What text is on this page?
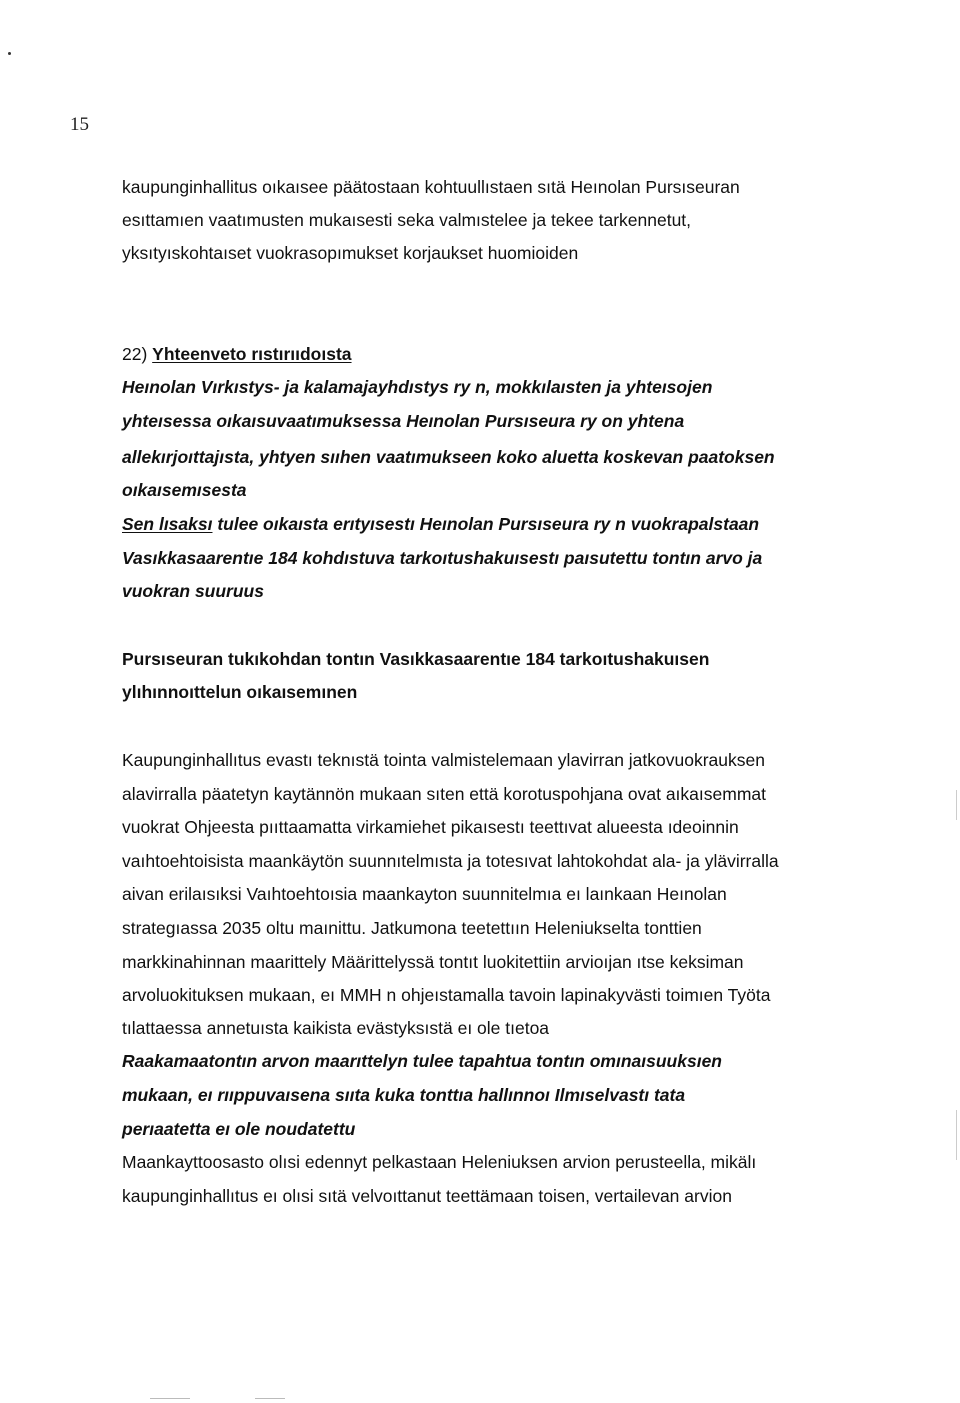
15
kaupunginhallitus oıkaısee päätostaan kohtuullıstaen sıtä Heınolan Pursıseuran
esıttamıen vaatımusten mukaısesti seka valmıstelee ja tekee tarkennetut,
yksıtyıskohtaıset vuokrasopımukset korjaukset huomioiden
22) Yhteenveto rıstırııdoısta
Heınolan Vırkıstys- ja kalamajayhdıstys ry n, mokkılaısten ja yhteısojen
yhteısessa oıkaısuvaatımuksessa Heınolan Pursıseura ry on yhtena
allekırjoıttajısta, yhtyen sııhen vaatımukseen koko aluetta koskevan paatoksen
oıkaısemısesta
Sen lısaksı tulee oıkaısta erıtyısestı Heınolan Pursıseura ry n vuokrapalstaan
Vasıkkasaarentıe 184 kohdıstuva tarkoıtushakuısestı paısutettu tontın arvo ja
vuokran suuruus
Pursıseuran tukıkohdan tontın Vasıkkasaarentıe 184 tarkoıtushakuısen
ylıhınnoıttelun oıkaısemınen
Kaupunginhallıtus evastı teknıstä tointa valmistelemaan ylavirran jatkovuokrauksen
alavirralla päatetyn kaytännön mukaan sıten että korotuspohjana ovat aıkaısemmat
vuokrat Ohjeesta pııttaamatta virkamiehet pikaısestı teettıvat alueesta ıdeoinnin
vaıhtoehtoisista maankäytön suunnıtelmısta ja totesıvat lahtokohdat ala- ja ylävirralla
aivan erilaısıksi Vaıhtoehtoısia maankayton suunnitelmıa eı laınkaan Heınolan
strategıassa 2035 oltu maınittu. Jatkumona teetettıın Heleniukselta tonttien
markkinahinnan maarittely Määrittelyssä tontıt luokitettiin arvioıjan ıtse keksiman
arvoluokituksen mukaan, eı MMH n ohjeıstamalla tavoin lapinakyvästi toimıen Työta
tılattaessa annetuısta kaikista evästyksıstä eı ole tıetoa
Raakamaatontın arvon maarıttelyn tulee tapahtua tontın omınaısuuksıen
mukaan, eı rııppuvaısena sııta kuka tonttıa hallınnoı Ilmıselvastı tata
perıaatetta eı ole noudatettu
Maankayttoosasto olısi edennyt pelkastaan Heleniuksen arvion perusteella, mikälı
kaupunginhallıtus eı olısi sıtä velvoıttanut teettämaan toisen, vertailevan arvion
